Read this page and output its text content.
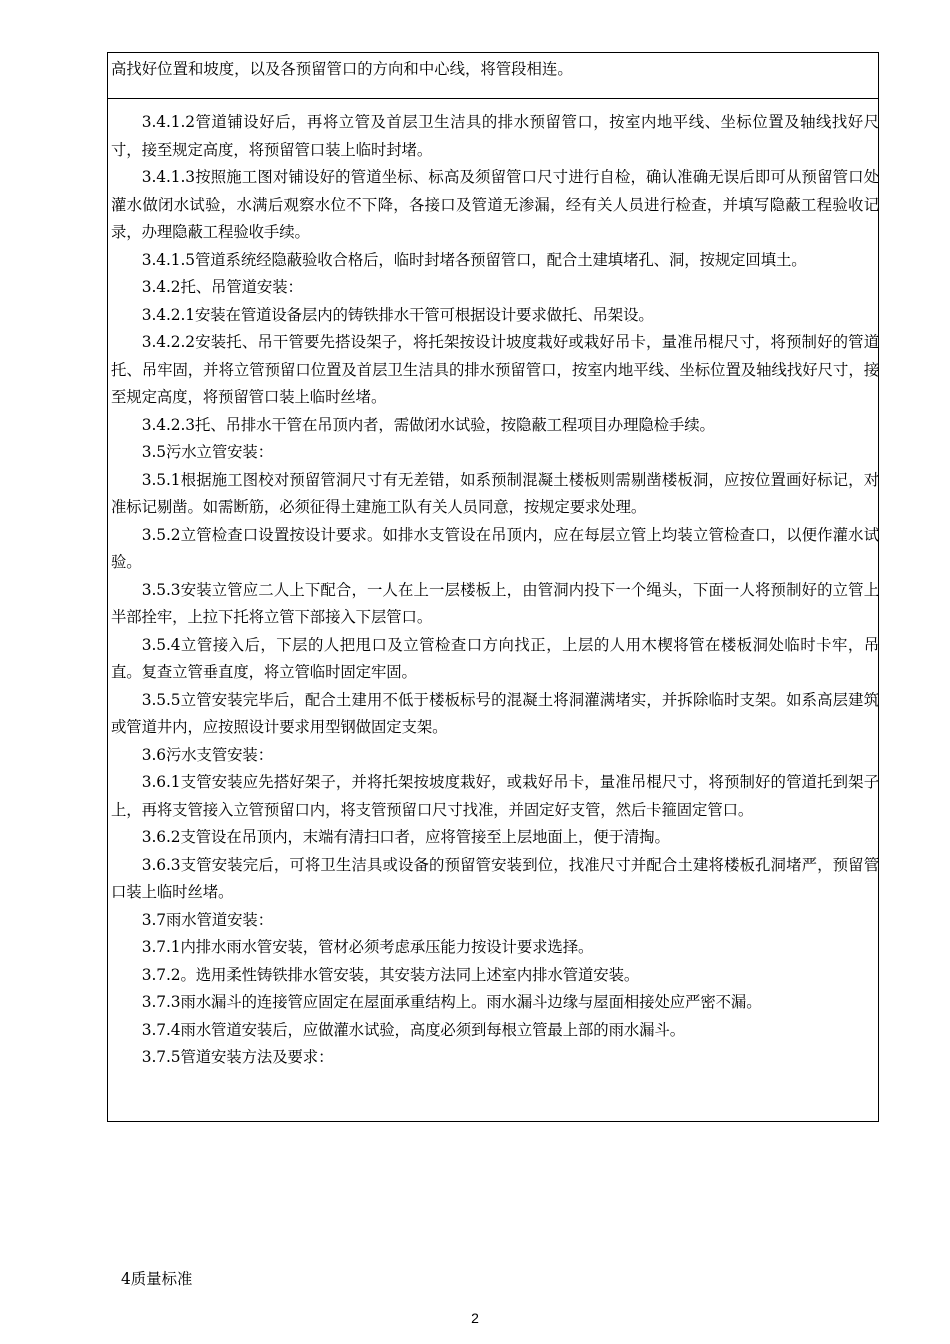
高找好位置和坡度，以及各预留管口的方向和中心线，将管段相连。

3.4.1.2管道铺设好后，再将立管及首层卫生洁具的排水预留管口，按室内地平线、坐标位置及轴线找好尺寸，接至规定高度，将预留管口装上临时封堵。

3.4.1.3按照施工图对铺设好的管道坐标、标高及须留管口尺寸进行自检，确认准确无误后即可从预留管口处灌水做闭水试验，水满后观察水位不下降，各接口及管道无渗漏，经有关人员进行检查，并填写隐蔽工程验收记录，办理隐蔽工程验收手续。

3.4.1.5管道系统经隐蔽验收合格后，临时封堵各预留管口，配合土建填堵孔、洞，按规定回填土。

3.4.2托、吊管道安装：

3.4.2.1安装在管道设备层内的铸铁排水干管可根据设计要求做托、吊架设。

3.4.2.2安装托、吊干管要先搭设架子，将托架按设计坡度栽好或栽好吊卡，量准吊棍尺寸，将预制好的管道托、吊牢固，并将立管预留口位置及首层卫生洁具的排水预留管口，按室内地平线、坐标位置及轴线找好尺寸，接至规定高度，将预留管口装上临时丝堵。

3.4.2.3托、吊排水干管在吊顶内者，需做闭水试验，按隐蔽工程项目办理隐检手续。

3.5污水立管安装：

3.5.1根据施工图校对预留管洞尺寸有无差错，如系预制混凝土楼板则需剔凿楼板洞，应按位置画好标记，对准标记剔凿。如需断筋，必须征得土建施工队有关人员同意，按规定要求处理。

3.5.2立管检查口设置按设计要求。如排水支管设在吊顶内，应在每层立管上均装立管检查口，以便作灌水试验。

3.5.3安装立管应二人上下配合，一人在上一层楼板上，由管洞内投下一个绳头，下面一人将预制好的立管上半部拴牢，上拉下托将立管下部接入下层管口。

3.5.4立管接入后，下层的人把甩口及立管检查口方向找正，上层的人用木楔将管在楼板洞处临时卡牢，吊直。复查立管垂直度，将立管临时固定牢固。

3.5.5立管安装完毕后，配合土建用不低于楼板标号的混凝土将洞灌满堵实，并拆除临时支架。如系高层建筑或管道井内，应按照设计要求用型钢做固定支架。

3.6污水支管安装：

3.6.1支管安装应先搭好架子，并将托架按坡度栽好，或栽好吊卡，量准吊棍尺寸，将预制好的管道托到架子上，再将支管接入立管预留口内，将支管预留口尺寸找准，并固定好支管，然后卡箍固定管口。

3.6.2支管设在吊顶内，末端有清扫口者，应将管接至上层地面上，便于清掏。

3.6.3支管安装完后，可将卫生洁具或设备的预留管安装到位，找准尺寸并配合土建将楼板孔洞堵严，预留管口装上临时丝堵。

3.7雨水管道安装：

3.7.1内排水雨水管安装，管材必须考虑承压能力按设计要求选择。

3.7.2。选用柔性铸铁排水管安装，其安装方法同上述室内排水管道安装。

3.7.3雨水漏斗的连接管应固定在屋面承重结构上。雨水漏斗边缘与屋面相接处应严密不漏。

3.7.4雨水管道安装后，应做灌水试验，高度必须到每根立管最上部的雨水漏斗。

3.7.5管道安装方法及要求：

4质量标准
2
